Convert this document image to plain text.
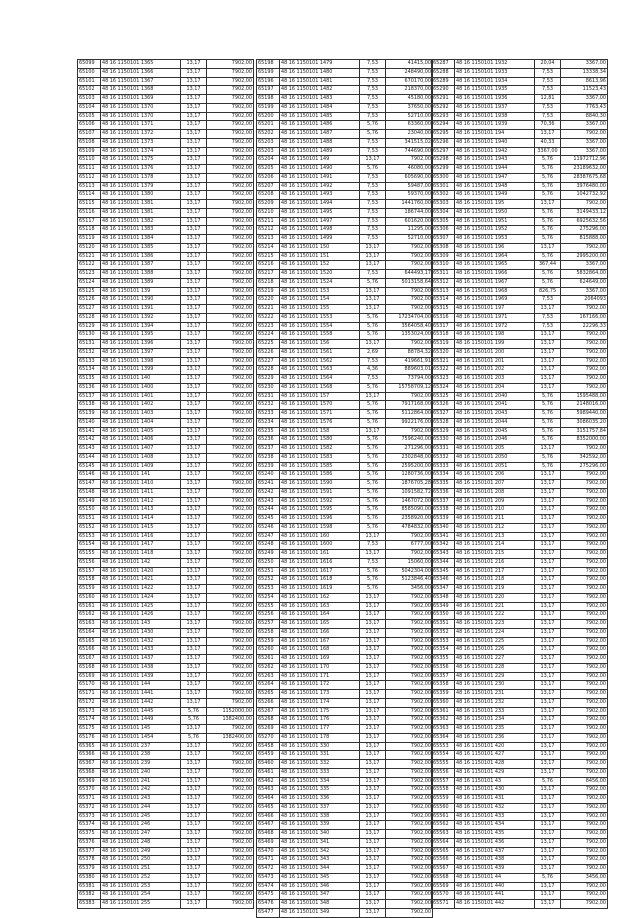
65099	48 16 1150101 1365	13,17	7902,00
65100	48 16 1150101 1366	13,17	7902,00
65101	48 16 1150101 1367	13,17	7902,00
65102	48 16 1150101 1368	13,17	7902,00
65103	48 16 1150101 1369	13,17	7902,00
65104	48 16 1150101 1370	13,17	7902,00
65105	48 16 1150101 1370	13,17	7902,00
65106	48 16 1150101 1371	13,17	7902,00
65107	48 16 1150101 1372	13,17	7902,00
65108	48 16 1150101 1373	13,17	7902,00
65109	48 16 1150101 1374	13,17	7902,00
65110	48 16 1150101 1375	13,17	7902,00
65111	48 16 1150101 1376	13,17	7902,00
65112	48 16 1150101 1378	13,17	7902,00
65113	48 16 1150101 1379	13,17	7902,00
65114	48 16 1150101 1380	13,17	7902,00
65115	48 16 1150101 1381	13,17	7902,00
65116	48 16 1150101 1381	13,17	7902,00
65117	48 16 1150101 1382	13,17	7902,00
65118	48 16 1150101 1383	13,17	7902,00
65119	48 16 1150101 1384	13,17	7902,00
65120	48 16 1150101 1385	13,17	7902,00
65121	48 16 1150101 1386	13,17	7902,00
65122	48 16 1150101 1387	13,17	7902,00
65123	48 16 1150101 1388	13,17	7902,00
65124	48 16 1150101 1389	13,17	7902,00
65125	48 16 1150101 139	13,17	7902,00
65126	48 16 1150101 1390	13,17	7902,00
65127	48 16 1150101 1391	13,17	7902,00
65128	48 16 1150101 1392	13,17	7902,00
65129	48 16 1150101 1394	13,17	7902,00
65130	48 16 1150101 1395	13,17	7902,00
65131	48 16 1150101 1396	13,17	7902,00
65132	48 16 1150101 1397	13,17	7902,00
65133	48 16 1150101 1398	13,17	7902,00
65134	48 16 1150101 1399	13,17	7902,00
65135	48 16 1150101 140	13,17	7902,00
65136	48 16 1150101 1400	13,17	7902,00
65137	48 16 1150101 1401	13,17	7902,00
65138	48 16 1150101 1402	13,17	7902,00
65139	48 16 1150101 1403	13,17	7902,00
65140	48 16 1150101 1404	13,17	7902,00
65141	48 16 1150101 1405	13,17	7902,00
65142	48 16 1150101 1406	13,17	7902,00
65143	48 16 1150101 1407	13,17	7902,00
65144	48 16 1150101 1408	13,17	7902,00
65145	48 16 1150101 1409	13,17	7902,00
65146	48 16 1150101 141	13,17	7902,00
65147	48 16 1150101 1410	13,17	7902,00
65148	48 16 1150101 1411	13,17	7902,00
65149	48 16 1150101 1412	13,17	7902,00
65150	48 16 1150101 1413	13,17	7902,00
65151	48 16 1150101 1414	13,17	7902,00
65152	48 16 1150101 1415	13,17	7902,00
65153	48 16 1150101 1416	13,17	7902,00
65154	48 16 1150101 1417	13,17	7902,00
65155	48 16 1150101 1418	13,17	7902,00
65156	48 16 1150101 142	13,17	7902,00
65157	48 16 1150101 1420	13,17	7902,00
65158	48 16 1150101 1421	13,17	7902,00
65159	48 16 1150101 1422	13,17	7902,00
65160	48 16 1150101 1424	13,17	7902,00
65161	48 16 1150101 1425	13,17	7902,00
65162	48 16 1150101 1426	13,17	7902,00
65163	48 16 1150101 143	13,17	7902,00
65164	48 16 1150101 1430	13,17	7902,00
65165	48 16 1150101 1432	13,17	7902,00
65166	48 16 1150101 1433	13,17	7902,00
65167	48 16 1150101 1437	13,17	7902,00
65168	48 16 1150101 1438	13,17	7902,00
65169	48 16 1150101 1439	13,17	7902,00
65170	48 16 1150101 144	13,17	7902,00
65171	48 16 1150101 1441	13,17	7902,00
65172	48 16 1150101 1442	13,17	7902,00
65173	48 16 1150101 1445	5,76	1152000,00
65174	48 16 1150101 1449	5,76	1382400,00
65175	48 16 1150101 145	13,17	7902,00
65176	48 16 1150101 1454	5,76	1382400,00
65365	48 16 1150101 237	13,17	7902,00
65366	48 16 1150101 238	13,17	7902,00
65367	48 16 1150101 239	13,17	7902,00
65368	48 16 1150101 240	13,17	7902,00
65369	48 16 1150101 241	13,17	7902,00
65370	48 16 1150101 242	13,17	7902,00
65371	48 16 1150101 243	13,17	7902,00
65372	48 16 1150101 244	13,17	7902,00
65373	48 16 1150101 245	13,17	7902,00
65374	48 16 1150101 246	13,17	7902,00
65375	48 16 1150101 247	13,17	7902,00
65376	48 16 1150101 248	13,17	7902,00
65377	48 16 1150101 249	13,17	7902,00
65378	48 16 1150101 250	13,17	7902,00
65379	48 16 1150101 251	13,17	7902,00
65380	48 16 1150101 252	13,17	7902,00
65381	48 16 1150101 253	13,17	7902,00
65382	48 16 1150101 254	13,17	7902,00
65383	48 16 1150101 255	13,17	7902,00
65198	48 16 1150101 1479	7,53	41415,00
65199	48 16 1150101 1480	7,53	248490,00
65196	48 16 1150101 1481	7,53	670170,00
65197	48 16 1150101 1482	7,53	218370,00
65198	48 16 1150101 1483	7,53	45180,00
65199	48 16 1150101 1484	7,53	37650,00
65200	48 16 1150101 1485	7,53	52710,00
65201	48 16 1150101 1486	5,76	63360,00
65202	48 16 1150101 1487	5,76	23040,00
65203	48 16 1150101 1488	7,53	341515,02
65203	48 16 1150101 1489	7,53	744690,00
65204	48 16 1150101 149	13,17	7902,00
65205	48 16 1150101 1490	5,76	46080,00
65206	48 16 1150101 1491	7,53	605690,00
65207	48 16 1150101 1492	7,53	59487,00
65208	48 16 1150101 1493	7,53	59370,00
65209	48 16 1150101 1494	7,53	1441760,00
65210	48 16 1150101 1495	7,53	186744,00
65211	48 16 1150101 1497	7,53	601620,00
65212	48 16 1150101 1498	7,53	11295,00
65213	48 16 1150101 1499	7,53	52710,00
65214	48 16 1150101 150	13,17	7902,00
65215	48 16 1150101 151	13,17	7902,00
65216	48 16 1150101 152	13,17	7902,00
65217	48 16 1150101 1520	7,53	644493,17
65218	48 16 1150101 1524	5,76	5013158,64
65219	48 16 1150101 153	13,17	7902,00
65220	48 16 1150101 154	13,17	7902,00
65221	48 16 1150101 155	13,17	7902,00
65222	48 16 1150101 1553	5,76	17234704,00
65223	48 16 1150101 1554	5,76	3564058,40
65224	48 16 1150101 1558	5,76	1353024,00
65225	48 16 1150101 156	13,17	7902,00
65226	48 16 1150101 1561	2,69	88784,32
65227	48 16 1150101 1562	7,53	419661,91
65228	48 16 1150101 1563	4,36	889603,01
65229	48 16 1150101 1564	7,53	73794,00
65230	48 16 1150101 1568	5,76	15758709,12
65231	48 16 1150101 157	13,17	7902,00
65232	48 16 1150101 1570	5,76	7917168,00
65233	48 16 1150101 1571	5,76	5112864,00
65234	48 16 1150101 1576	5,76	9922176,00
65235	48 16 1150101 158	13,17	7902,00
65236	48 16 1150101 1580	5,76	7596240,00
65237	48 16 1150101 1582	5,76	271296,00
65238	48 16 1150101 1583	5,76	2302848,00
65239	48 16 1150101 1585	5,76	2595200,00
65240	48 16 1150101 1586	5,76	1280736,00
65241	48 16 1150101 1590	5,76	1876705,28
65242	48 16 1150101 1591	5,76	1091582,72
65243	48 16 1150101 1592	5,76	1467072,00
65244	48 16 1150101 1595	5,76	8585090,00
65245	48 16 1150101 1596	5,76	2358920,00
65246	48 16 1150101 1598	5,76	4784832,00
65247	48 16 1150101 160	13,17	7902,00
65248	48 16 1150101 1600	7,53	6777,00
65249	48 16 1150101 161	13,17	7902,00
65250	48 16 1150101 1616	7,53	15060,00
65251	48 16 1150101 1617	5,76	5042304,00
65252	48 16 1150101 1618	5,76	5123846,40
65253	48 16 1150101 1619	5,76	3456,00
65254	48 16 1150101 162	13,17	7902,00
65255	48 16 1150101 163	13,17	7902,00
65256	48 16 1150101 164	13,17	7902,00
65257	48 16 1150101 165	13,17	7902,00
65258	48 16 1150101 166	13,17	7902,00
65259	48 16 1150101 167	13,17	7902,00
65260	48 16 1150101 168	13,17	7902,00
65261	48 16 1150101 169	13,17	7902,00
65262	48 16 1150101 170	13,17	7902,00
65263	48 16 1150101 171	13,17	7902,00
65264	48 16 1150101 172	13,17	7902,00
65265	48 16 1150101 173	13,17	7902,00
65266	48 16 1150101 174	13,17	7902,00
65267	48 16 1150101 175	13,17	7902,00
65268	48 16 1150101 176	13,17	7902,00
65269	48 16 1150101 177	13,17	7902,00
65270	48 16 1150101 178	13,17	7902,00
65458	48 16 1150101 330	13,17	7902,00
65459	48 16 1150101 331	13,17	7902,00
65460	48 16 1150101 332	13,17	7902,00
65461	48 16 1150101 333	13,17	7902,00
65462	48 16 1150101 334	13,17	7902,00
65463	48 16 1150101 335	13,17	7902,00
65464	48 16 1150101 336	13,17	7902,00
65465	48 16 1150101 337	13,17	7902,00
65466	48 16 1150101 338	13,17	7902,00
65467	48 16 1150101 339	13,17	7902,00
65468	48 16 1150101 340	13,17	7902,00
65469	48 16 1150101 341	13,17	7902,00
65470	48 16 1150101 342	13,17	7902,00
65471	48 16 1150101 343	13,17	7902,00
65472	48 16 1150101 344	13,17	7902,00
65473	48 16 1150101 345	13,17	7902,00
65474	48 16 1150101 346	13,17	7902,00
65475	48 16 1150101 347	13,17	7902,00
65476	48 16 1150101 348	13,17	7902,00
65477	48 16 1150101 349	13,17	7902,00
65287	48 16 1150101 1932	20,04	3367,00
65288	48 16 1150101 1933	7,53	13338,34
65289	48 16 1150101 1934	7,53	8613,96
65290	48 16 1150101 1935	7,53	11523,43
65291	48 16 1150101 1936	12,81	3367,00
65292	48 16 1150101 1937	7,53	7763,43
65293	48 16 1150101 1938	7,53	8840,30
65294	48 16 1150101 1939	70,36	3367,00
65295	48 16 1150101 194	13,17	7902,00
65296	48 16 1150101 1940	40,33	3367,00
65297	48 16 1150101 1942	3367,00	3367,00
65298	48 16 1150101 1943	5,76	11972712,96
65299	48 16 1150101 1944	5,76	23189632,00
65300	48 16 1150101 1947	5,76	28387675,68
65301	48 16 1150101 1948	5,76	3976480,00
65302	48 16 1150101 1949	5,76	1042732,92
65303	48 16 1150101 195	13,17	7902,00
65304	48 16 1150101 1950	5,76	3149433,12
65305	48 16 1150101 1951	5,76	6925632,56
65306	48 16 1150101 1952	5,76	275296,00
65307	48 16 1150101 1953	5,76	815888,00
65308	48 16 1150101 196	13,17	7902,00
65309	48 16 1150101 1964	5,76	2995200,00
65310	48 16 1150101 1965	367,44	3367,00
65311	48 16 1150101 1966	5,76	5832864,00
65312	48 16 1150101 1967	5,76	624649,00
65313	48 16 1150101 1968	826,75	3367,00
65314	48 16 1150101 1969	7,53	2064093
65315	48 16 1150101 197	13,17	7902,00
65316	48 16 1150101 1971	7,53	167166,00
65317	48 16 1150101 1972	7,53	22296,33
65318	48 16 1150101 198	13,17	7902,00
65319	48 16 1150101 199	13,17	7902,00
65320	48 16 1150101 200	13,17	7902,00
65321	48 16 1150101 201	13,17	7902,00
65322	48 16 1150101 202	13,17	7902,00
65323	48 16 1150101 203	13,17	7902,00
65324	48 16 1150101 204	13,17	7902,00
65325	48 16 1150101 2040	5,76	1595488,00
65326	48 16 1150101 2041	5,76	2148016,00
65327	48 16 1150101 2043	5,76	5989440,00
65328	48 16 1150101 2044	5,76	3086035,20
65329	48 16 1150101 2045	5,76	3151757,84
65330	48 16 1150101 2046	5,76	8352000,00
65331	48 16 1150101 205	13,17	7902,00
65332	48 16 1150101 2050	5,76	342592,00
65333	48 16 1150101 2051	5,76	275296,00
65334	48 16 1150101 206	13,17	7902,00
65335	48 16 1150101 207	13,17	7902,00
65336	48 16 1150101 208	13,17	7902,00
65337	48 16 1150101 209	13,17	7902,00
65338	48 16 1150101 210	13,17	7902,00
65339	48 16 1150101 211	13,17	7902,00
65340	48 16 1150101 212	13,17	7902,00
65341	48 16 1150101 213	13,17	7902,00
65342	48 16 1150101 214	13,17	7902,00
65343	48 16 1150101 215	13,17	7902,00
65344	48 16 1150101 216	13,17	7902,00
65345	48 16 1150101 217	13,17	7902,00
65346	48 16 1150101 218	13,17	7902,00
65347	48 16 1150101 219	13,17	7902,00
65348	48 16 1150101 220	13,17	7902,00
65349	48 16 1150101 221	13,17	7902,00
65350	48 16 1150101 222	13,17	7902,00
65351	48 16 1150101 223	13,17	7902,00
65352	48 16 1150101 224	13,17	7902,00
65353	48 16 1150101 225	13,17	7902,00
65354	48 16 1150101 226	13,17	7902,00
65355	48 16 1150101 227	13,17	7902,00
65356	48 16 1150101 228	13,17	7902,00
65357	48 16 1150101 229	13,17	7902,00
65358	48 16 1150101 230	13,17	7902,00
65359	48 16 1150101 231	13,17	7902,00
65360	48 16 1150101 232	13,17	7902,00
65361	48 16 1150101 233	13,17	7902,00
65362	48 16 1150101 234	13,17	7902,00
65363	48 16 1150101 235	13,17	7902,00
65364	48 16 1150101 236	13,17	7902,00
65553	48 16 1150101 420	13,17	7902,00
65554	48 16 1150101 427	13,17	7902,00
65555	48 16 1150101 428	13,17	7902,00
65556	48 16 1150101 429	13,17	7902,00
65557	48 16 1150101 43	5,76	8456,00
65558	48 16 1150101 430	13,17	7902,00
65559	48 16 1150101 431	13,17	7902,00
65560	48 16 1150101 432	13,17	7902,00
65561	48 16 1150101 433	13,17	7902,00
65562	48 16 1150101 434	13,17	7902,00
65563	48 16 1150101 435	13,17	7902,00
65564	48 16 1150101 436	13,17	7902,00
65565	48 16 1150101 437	13,17	7902,00
65566	48 16 1150101 438	13,17	7902,00
65567	48 16 1150101 439	13,17	7902,00
65568	48 16 1150101 44	5,76	3456,00
65569	48 16 1150101 440	13,17	7902,00
65570	48 16 1150101 441	13,17	7902,00
65571	48 16 1150101 442	13,17	7902,00
